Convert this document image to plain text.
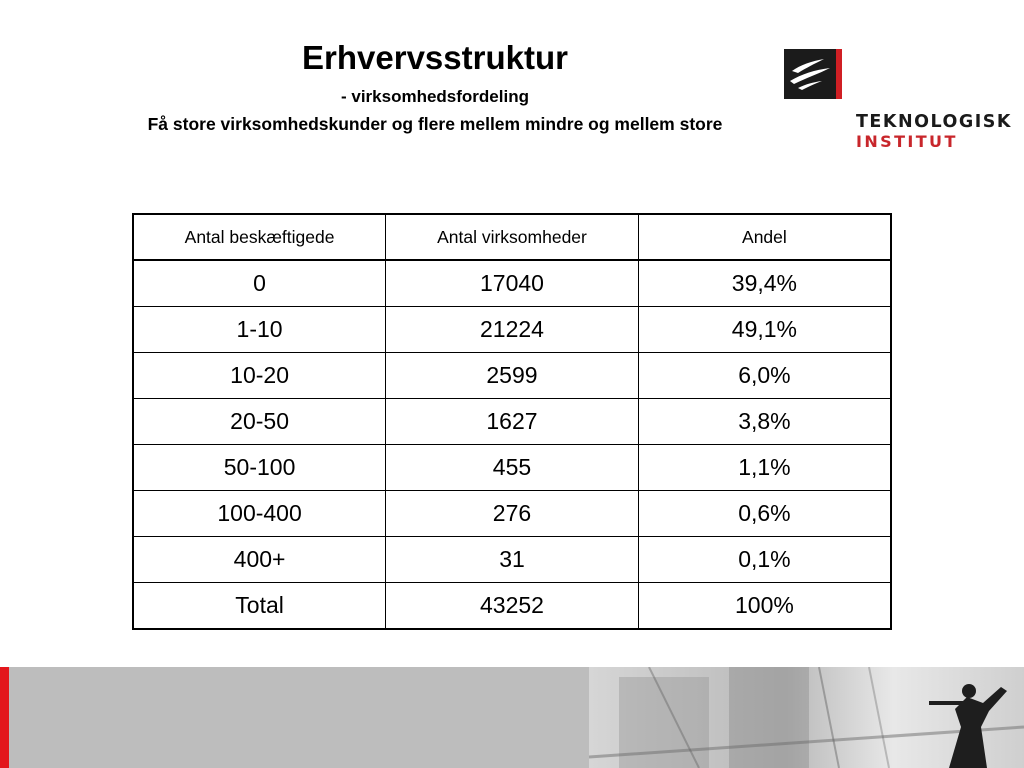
Erhvervsstruktur
- virksomhedsfordeling
Få store virksomhedskunder og flere mellem mindre og mellem store	TEKNOLOGISK
INSTITUT
Antal beskæftigede	Antal virksomheder	Andel
0	17040	39,4%
1-10	21224	49,1%
10-20	2599	6,0%
20-50	1627	3,8%
50-100	455	1,1%
100-400	276	0,6%
400+	31	0,1%
Total	43252	100%
